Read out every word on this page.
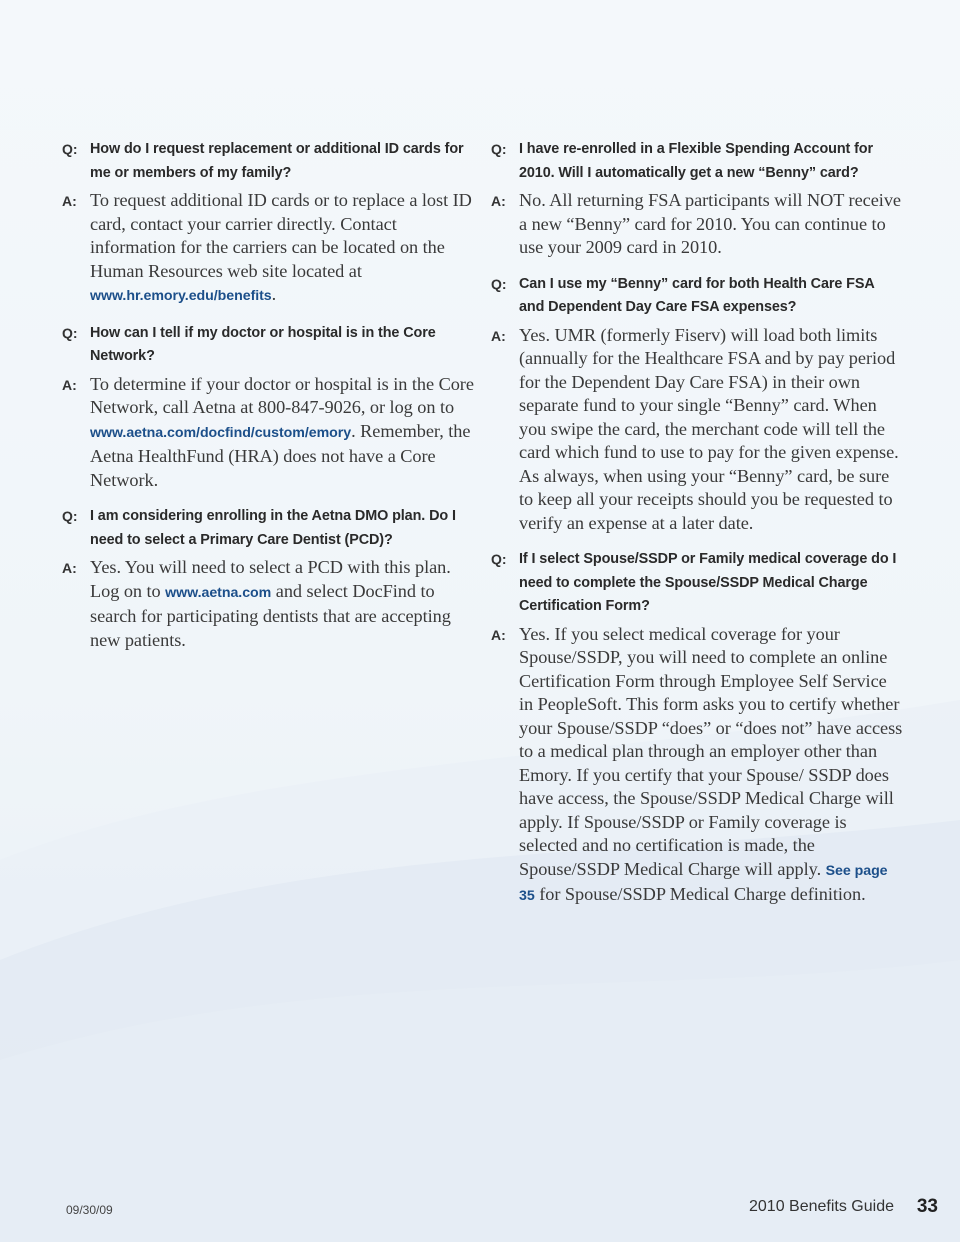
Q: How do I request replacement or additional ID cards for me or members of my family?
A: To request additional ID cards or to replace a lost ID card, contact your carrier directly. Contact information for the carriers can be located on the Human Resources web site located at www.hr.emory.edu/benefits.
Q: How can I tell if my doctor or hospital is in the Core Network?
A: To determine if your doctor or hospital is in the Core Network, call Aetna at 800-847-9026, or log on to www.aetna.com/docfind/custom/emory. Remember, the Aetna HealthFund (HRA) does not have a Core Network.
Q: I am considering enrolling in the Aetna DMO plan. Do I need to select a Primary Care Dentist (PCD)?
A: Yes. You will need to select a PCD with this plan. Log on to www.aetna.com and select DocFind to search for participating dentists that are accepting new patients.
Q: I have re-enrolled in a Flexible Spending Account for 2010. Will I automatically get a new “Benny” card?
A: No. All returning FSA participants will NOT receive a new “Benny” card for 2010. You can continue to use your 2009 card in 2010.
Q: Can I use my “Benny” card for both Health Care FSA and Dependent Day Care FSA expenses?
A: Yes. UMR (formerly Fiserv) will load both limits (annually for the Healthcare FSA and by pay period for the Dependent Day Care FSA) in their own separate fund to your single “Benny” card. When you swipe the card, the merchant code will tell the card which fund to use to pay for the given expense. As always, when using your “Benny” card, be sure to keep all your receipts should you be requested to verify an expense at a later date.
Q: If I select Spouse/SSDP or Family medical coverage do I need to complete the Spouse/SSDP Medical Charge Certification Form?
A: Yes. If you select medical coverage for your Spouse/SSDP, you will need to complete an online Certification Form through Employee Self Service in PeopleSoft. This form asks you to certify whether your Spouse/SSDP “does” or “does not” have access to a medical plan through an employer other than Emory. If you certify that your Spouse/ SSDP does have access, the Spouse/SSDP Medical Charge will apply. If Spouse/SSDP or Family coverage is selected and no certification is made, the Spouse/SSDP Medical Charge will apply. See page 35 for Spouse/SSDP Medical Charge definition.
09/30/09	2010 Benefits Guide 33
